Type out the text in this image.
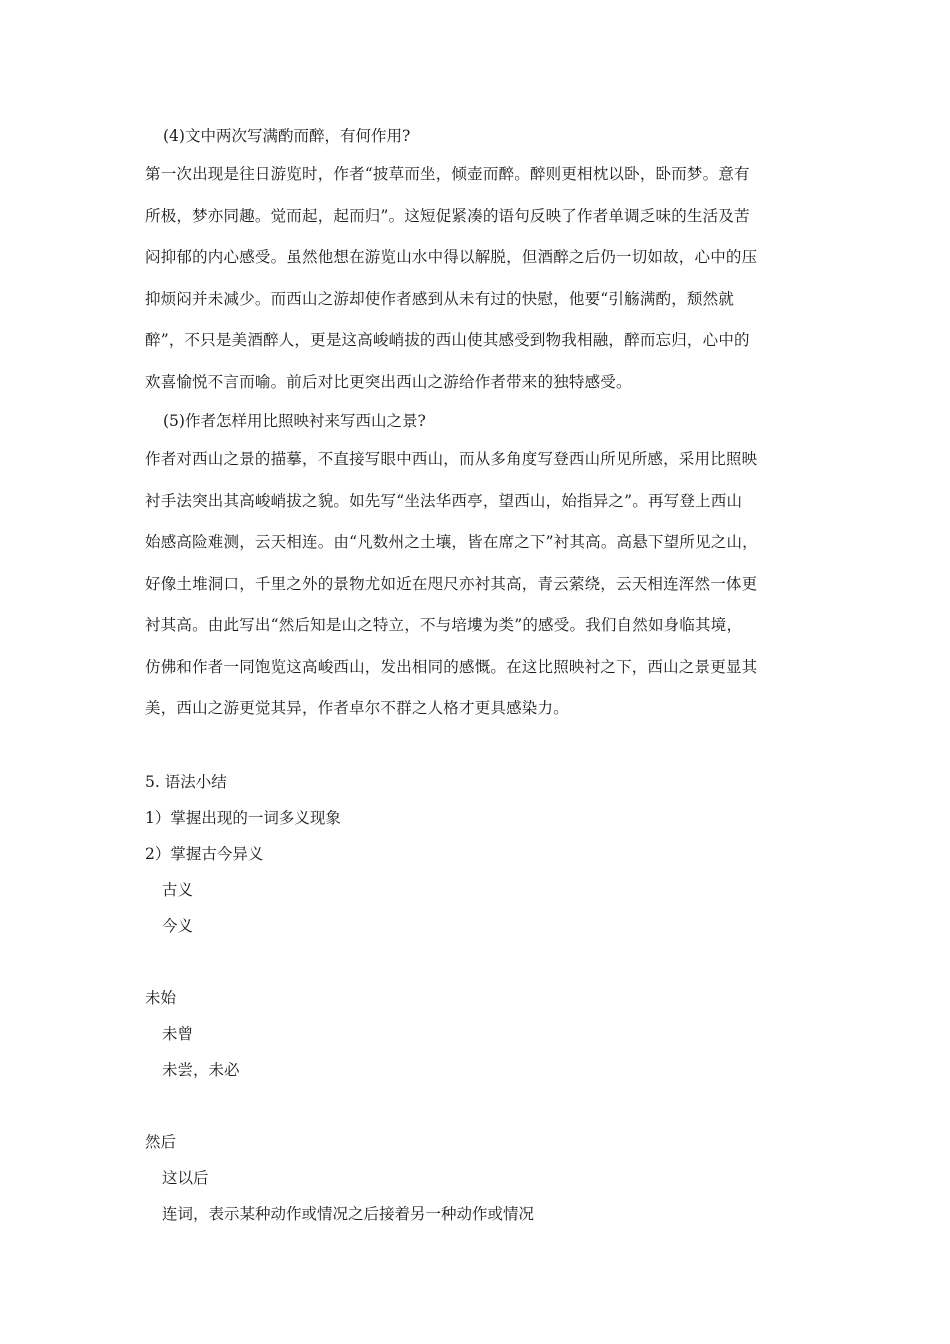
(4)文中两次写满酌而醉，有何作用?

第一次出现是往日游览时，作者“披草而坐，倾壶而醉。醉则更相枕以卧，卧而梦。意有

所极，梦亦同趣。觉而起，起而归”。这短促紧凑的语句反映了作者单调乏味的生活及苦

闷抑郁的内心感受。虽然他想在游览山水中得以解脱，但酒醉之后仍一切如故，心中的压

抑烦闷并未减少。而西山之游却使作者感到从未有过的快慰，他要“引觞满酌，颓然就

醉”，不只是美酒醉人，更是这高峻峭拔的西山使其感受到物我相融，醉而忘归，心中的

欢喜愉悦不言而喻。前后对比更突出西山之游给作者带来的独特感受。

(5)作者怎样用比照映衬来写西山之景?

作者对西山之景的描摹，不直接写眼中西山，而从多角度写登西山所见所感，采用比照映

衬手法突出其高峻峭拔之貌。如先写“坐法华西亭，望西山，始指异之”。再写登上西山

始感高险难测，云天相连。由“凡数州之土壤，皆在席之下”衬其高。高悬下望所见之山，

好像土堆洞口，千里之外的景物尤如近在咫尺亦衬其高，青云萦绕，云天相连浑然一体更

衬其高。由此写出“然后知是山之特立，不与培塿为类”的感受。我们自然如身临其境，

仿佛和作者一同饱览这高峻西山，发出相同的感慨。在这比照映衬之下，西山之景更显其

美，西山之游更觉其异，作者卓尔不群之人格才更具感染力。

5. 语法小结

1）掌握出现的一词多义现象

2）掌握古今异义

古义

今义

未始

未曾

未尝，未必

然后

这以后

连词，表示某种动作或情况之后接着另一种动作或情况
